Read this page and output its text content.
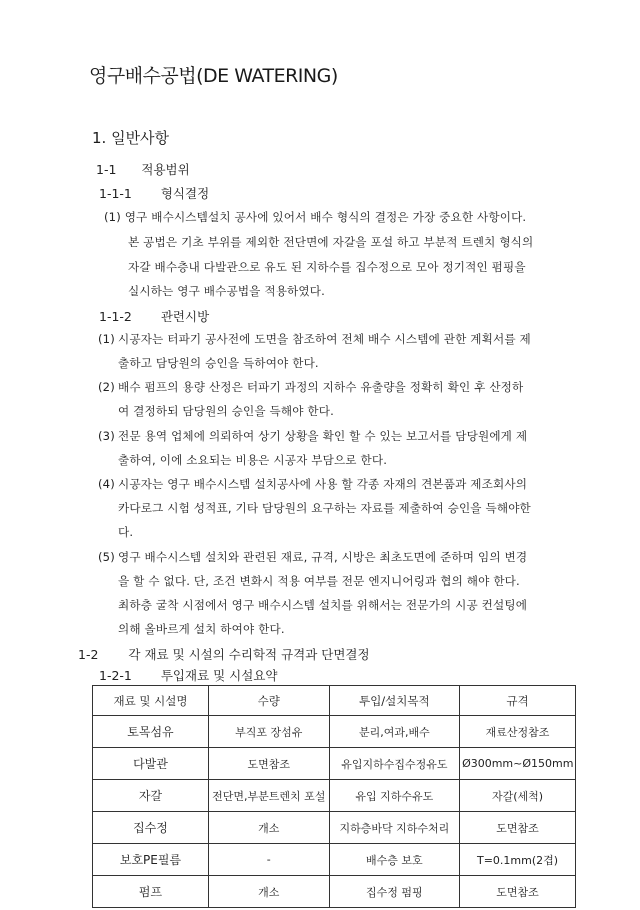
영구배수공법(DE WATERING)
1. 일반사항
1-1 적용범위
1-1-1 형식결정
(1) 영구 배수시스템설치 공사에 있어서 배수 형식의 결정은 가장 중요한 사항이다.
본 공법은 기초 부위를 제외한 전단면에 자갈을 포설 하고 부분적 트렌치 형식의
자갈 배수층내 다발관으로 유도 된 지하수를 집수정으로 모아 정기적인 펌핑을
실시하는 영구 배수공법을 적용하였다.
1-1-2 관련시방
(1) 시공자는 터파기 공사전에 도면을 참조하여 전체 배수 시스템에 관한 계획서를 제
출하고 담당원의 승인을 득하여야 한다.
(2) 배수 펌프의 용량 산정은 터파기 과정의 지하수 유출량을 정확히 확인 후 산정하
여 결정하되 담당원의 승인을 득해야 한다.
(3) 전문 용역 업체에 의뢰하여 상기 상황을 확인 할 수 있는 보고서를 담당원에게 제
출하여, 이에 소요되는 비용은 시공자 부담으로 한다.
(4) 시공자는 영구 배수시스템 설치공사에 사용 할 각종 자재의 견본품과 제조회사의
카다로그 시험 성적표, 기타 담당원의 요구하는 자료를 제출하여 승인을 득해야한
다.
(5) 영구 배수시스템 설치와 관련된 재료, 규격, 시방은 최초도면에 준하며 임의 변경
을 할 수 없다. 단, 조건 변화시 적용 여부를 전문 엔지니어링과 협의 해야 한다.
최하층 굴착 시점에서 영구 배수시스템 설치를 위해서는 전문가의 시공 컨설팅에
의해 올바르게 설치 하여야 한다.
1-2 각 재료 및 시설의 수리학적 규격과 단면결정
1-2-1 투입재료 및 시설요약
재료 및 시설명	수량	투입/설치목적	규격
토목섬유	부직포 장섬유	분리,여과,배수	재료산정참조
다발관	도면참조	유입지하수집수정유도	Ø300mm~Ø150mm
자갈	전단면,부분트렌치 포설	유입 지하수유도	자갈(세척)
집수정	개소	지하층바닥 지하수처리	도면참조
보호PE필름	-	배수층 보호	T=0.1mm(2겹)
펌프	개소	집수정 펌핑	도면참조
